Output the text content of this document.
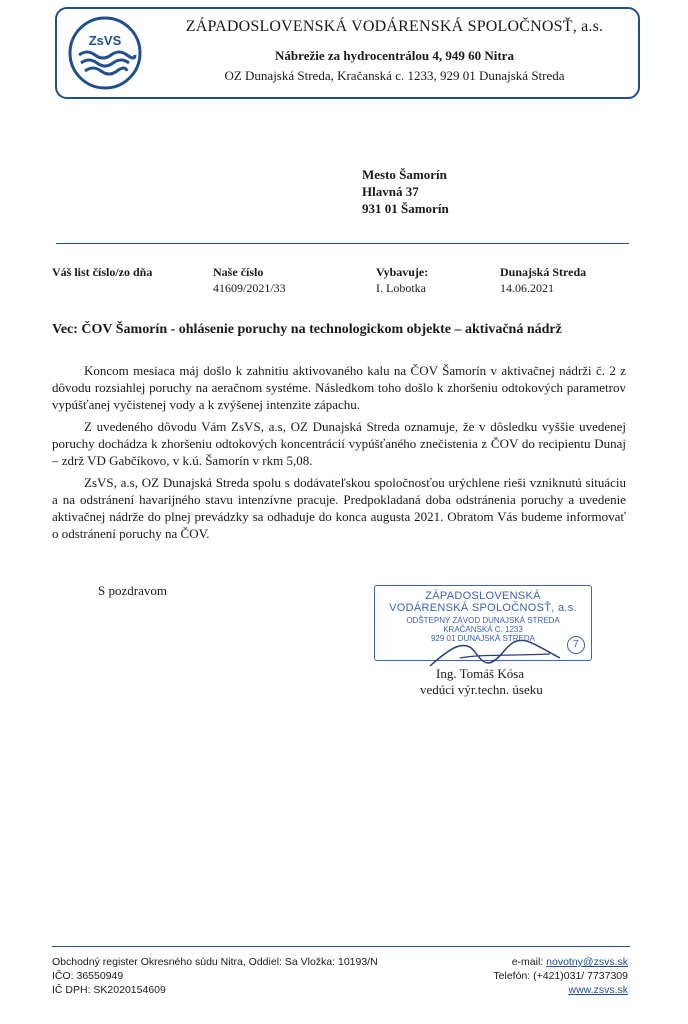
ZsVS
ZÁPADOSLOVENSKÁ VODÁRENSKÁ SPOLOČNOSŤ, a.s.
Nábrežie za hydrocentrálou 4, 949 60 Nitra
OZ Dunajská Streda, Kračanská c. 1233, 929 01 Dunajská Streda
Mesto Šamorín
Hlavná 37
931 01 Šamorín
Váš list číslo/zo dňa	Naše číslo
41609/2021/33
Vybavuje:
I. Lobotka
Dunajská Streda
14.06.2021
Vec: ČOV Šamorín - ohlásenie poruchy na technologickom objekte – aktivačná nádrž

Koncom mesiaca máj došlo k zahnitiu aktivovaného kalu na ČOV Šamorín v aktivačnej nádrži č. 2 z dôvodu rozsiahlej poruchy na aeračnom systéme. Následkom toho došlo k zhoršeniu odtokových parametrov vypúšťanej vyčistenej vody a k zvýšenej intenzite zápachu.

Z uvedeného dôvodu Vám ZsVS, a.s, OZ Dunajská Streda oznamuje, že v dôsledku vyššie uvedenej poruchy dochádza k zhoršeniu odtokových koncentrácií vypúšťaného znečistenia z ČOV do recipientu Dunaj – zdrž VD Gabčíkovo, v k.ú. Šamorín v rkm 5,08.

ZsVS, a.s, OZ Dunajská Streda spolu s dodávateľskou spoločnosťou urýchlene rieši vzniknutú situáciu a na odstránení havarijného stavu intenzívne pracuje. Predpokladaná doba odstránenia poruchy a uvedenie aktivačnej nádrže do plnej prevádzky sa odhaduje do konca augusta 2021. Obratom Vás budeme informovať o odstránení poruchy na ČOV.

S pozdravom	ZÁPADOSLOVENSKÁ
VODÁRENSKÁ SPOLOČNOSŤ, a.s.
ODŠTEPNÝ ZÁVOD DUNAJSKÁ STREDA
KRAČANSKÁ C. 1233
929 01 DUNAJSKÁ STREDA
7
Ing. Tomáš Kósa
vedúci výr.techn. úseku
Obchodný register Okresného súdu Nitra, Oddiel: Sa Vložka: 10193/N
IČO: 36550949
IČ DPH: SK2020154609
e-mail: novotny@zsvs.sk
Telefón: (+421)031/ 7737309
www.zsvs.sk
